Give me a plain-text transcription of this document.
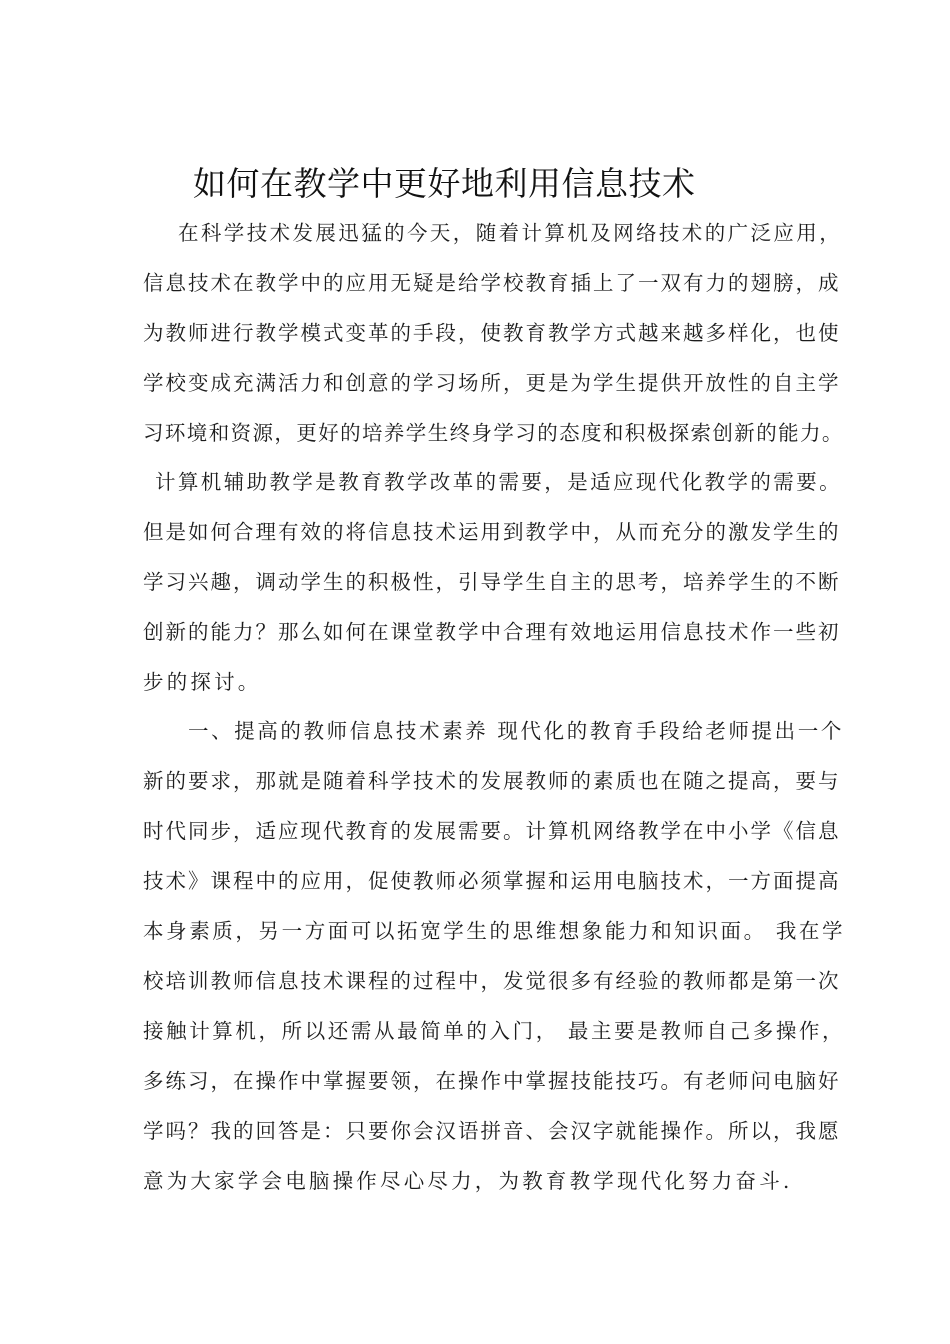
如何在教学中更好地利用信息技术
在科学技术发展迅猛的今天，随着计算机及网络技术的广泛应用，
信息技术在教学中的应用无疑是给学校教育插上了一双有力的翅膀，成
为教师进行教学模式变革的手段，使教育教学方式越来越多样化，也使
学校变成充满活力和创意的学习场所，更是为学生提供开放性的自主学
习环境和资源，更好的培养学生终身学习的态度和积极探索创新的能力。
计算机辅助教学是教育教学改革的需要，是适应现代化教学的需要。
但是如何合理有效的将信息技术运用到教学中，从而充分的激发学生的
学习兴趣，调动学生的积极性，引导学生自主的思考，培养学生的不断
创新的能力？那么如何在课堂教学中合理有效地运用信息技术作一些初
步的探讨。
一、提高的教师信息技术素养 现代化的教育手段给老师提出一个
新的要求，那就是随着科学技术的发展教师的素质也在随之提高，要与
时代同步，适应现代教育的发展需要。计算机网络教学在中小学《信息
技术》课程中的应用，促使教师必须掌握和运用电脑技术，一方面提高
本身素质，另一方面可以拓宽学生的思维想象能力和知识面。 我在学
校培训教师信息技术课程的过程中，发觉很多有经验的教师都是第一次
接触计算机，所以还需从最简单的入门， 最主要是教师自己多操作，
多练习，在操作中掌握要领，在操作中掌握技能技巧。有老师问电脑好
学吗？我的回答是：只要你会汉语拼音、会汉字就能操作。所以，我愿
意为大家学会电脑操作尽心尽力，为教育教学现代化努力奋斗.
